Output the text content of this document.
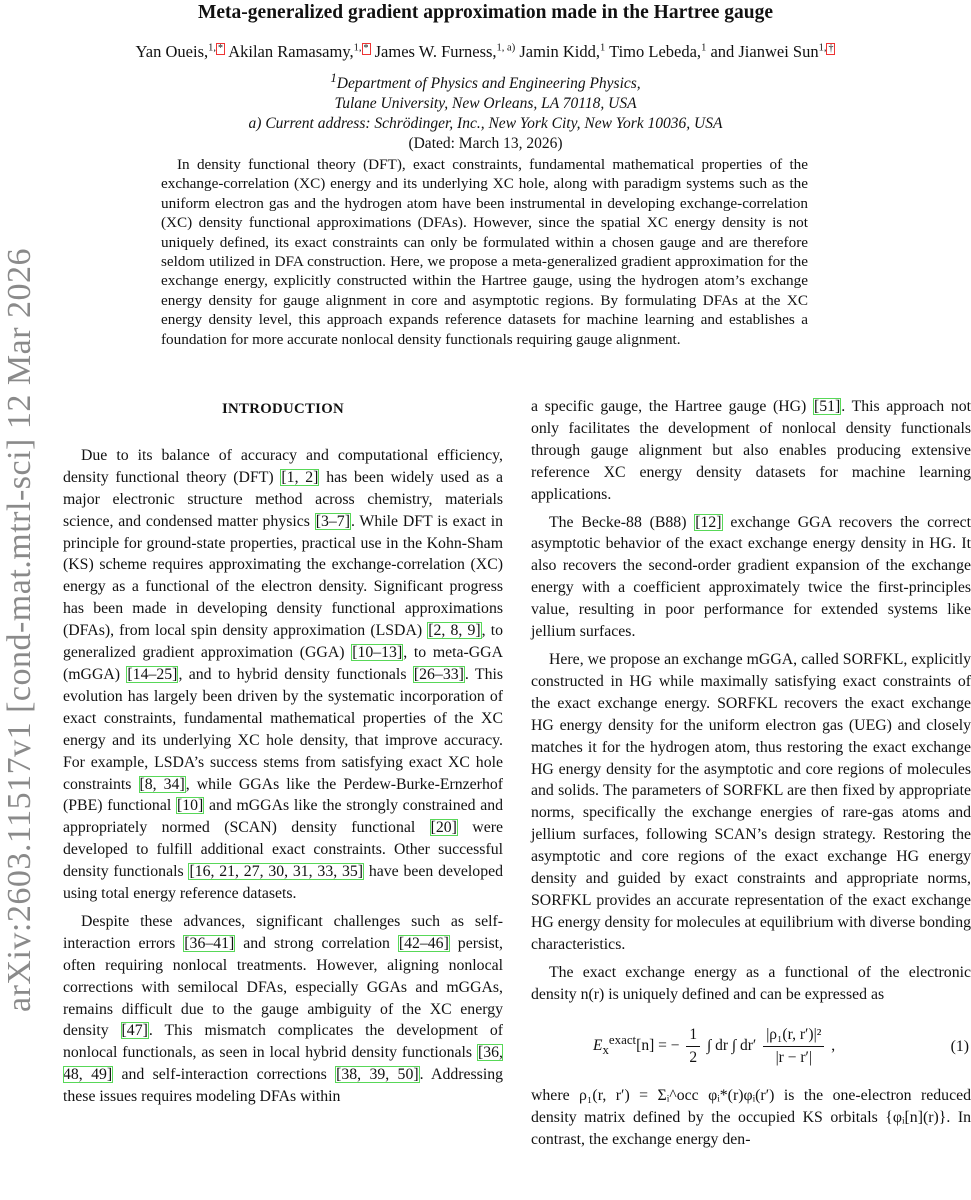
arXiv:2603.11517v1 [cond-mat.mtrl-sci] 12 Mar 2026
Meta-generalized gradient approximation made in the Hartree gauge
Yan Oueis,$^{1,}$ * Akilan Ramasamy,$^{1,}$ * James W. Furness,$^{1, a)}$ Jamin Kidd,$^1$ Timo Lebeda,$^1$ and Jianwei Sun$^{1,}$ †
$^1$Department of Physics and Engineering Physics,
Tulane University, New Orleans, LA 70118, USA
a) Current address: Schrödinger, Inc., New York City, New York 10036, USA
(Dated: March 13, 2026)
In density functional theory (DFT), exact constraints, fundamental mathematical properties of the exchange-correlation (XC) energy and its underlying XC hole, along with paradigm systems such as the uniform electron gas and the hydrogen atom have been instrumental in developing exchange-correlation (XC) density functional approximations (DFAs). However, since the spatial XC energy density is not uniquely defined, its exact constraints can only be formulated within a chosen gauge and are therefore seldom utilized in DFA construction. Here, we propose a meta-generalized gradient approximation for the exchange energy, explicitly constructed within the Hartree gauge, using the hydrogen atom’s exchange energy density for gauge alignment in core and asymptotic regions. By formulating DFAs at the XC energy density level, this approach expands reference datasets for machine learning and establishes a foundation for more accurate nonlocal density functionals requiring gauge alignment.
INTRODUCTION

Due to its balance of accuracy and computational efficiency, density functional theory (DFT) [1, 2] has been widely used as a major electronic structure method across chemistry, materials science, and condensed matter physics [3–7]. While DFT is exact in principle for ground-state properties, practical use in the Kohn-Sham (KS) scheme requires approximating the exchange-correlation (XC) energy as a functional of the electron density. Significant progress has been made in developing density functional approximations (DFAs), from local spin density approximation (LSDA) [2, 8, 9], to generalized gradient approximation (GGA) [10–13], to meta-GGA (mGGA) [14–25], and to hybrid density functionals [26–33]. This evolution has largely been driven by the systematic incorporation of exact constraints, fundamental mathematical properties of the XC energy and its underlying XC hole density, that improve accuracy. For example, LSDA’s success stems from satisfying exact XC hole constraints [8, 34], while GGAs like the Perdew-Burke-Ernzerhof (PBE) functional [10] and mGGAs like the strongly constrained and appropriately normed (SCAN) density functional [20] were developed to fulfill additional exact constraints. Other successful density functionals [16, 21, 27, 30, 31, 33, 35] have been developed using total energy reference datasets.

Despite these advances, significant challenges such as self-interaction errors [36–41] and strong correlation [42–46] persist, often requiring nonlocal treatments. However, aligning nonlocal corrections with semilocal DFAs, especially GGAs and mGGAs, remains difficult due to the gauge ambiguity of the XC energy density [47]. This mismatch complicates the development of nonlocal functionals, as seen in local hybrid density functionals [36, 48, 49] and self-interaction corrections [38, 39, 50]. Addressing these issues requires modeling DFAs within

a specific gauge, the Hartree gauge (HG) [51]. This approach not only facilitates the development of nonlocal density functionals through gauge alignment but also enables producing extensive reference XC energy density datasets for machine learning applications.

The Becke-88 (B88) [12] exchange GGA recovers the correct asymptotic behavior of the exact exchange energy density in HG. It also recovers the second-order gradient expansion of the exchange energy with a coefficient approximately twice the first-principles value, resulting in poor performance for extended systems like jellium surfaces.

Here, we propose an exchange mGGA, called SORFKL, explicitly constructed in HG while maximally satisfying exact constraints of the exact exchange energy. SORFKL recovers the exact exchange HG energy density for the uniform electron gas (UEG) and closely matches it for the hydrogen atom, thus restoring the exact exchange HG energy density for the asymptotic and core regions of molecules and solids. The parameters of SORFKL are then fixed by appropriate norms, specifically the exchange energies of rare-gas atoms and jellium surfaces, following SCAN’s design strategy. Restoring the asymptotic and core regions of the exact exchange HG energy density and guided by exact constraints and appropriate norms, SORFKL provides an accurate representation of the exact exchange HG energy density for molecules at equilibrium with diverse bonding characteristics.

The exact exchange energy as a functional of the electronic density n(r) is uniquely defined and can be expressed as

$E_x^{exact}[n]$ = − $\frac{1}{2}$ ∫ dr ∫ $dr' \frac{\text{|ρ₁(r, r′)|²}}{|r - r'|}$ ,	(1)

where ρ₁(r, r′) = Σᵢ^occ φᵢ*(r)φᵢ(r′) is the one-electron reduced density matrix defined by the occupied KS orbitals {φᵢ[n](r)}. In contrast, the exchange energy den-
